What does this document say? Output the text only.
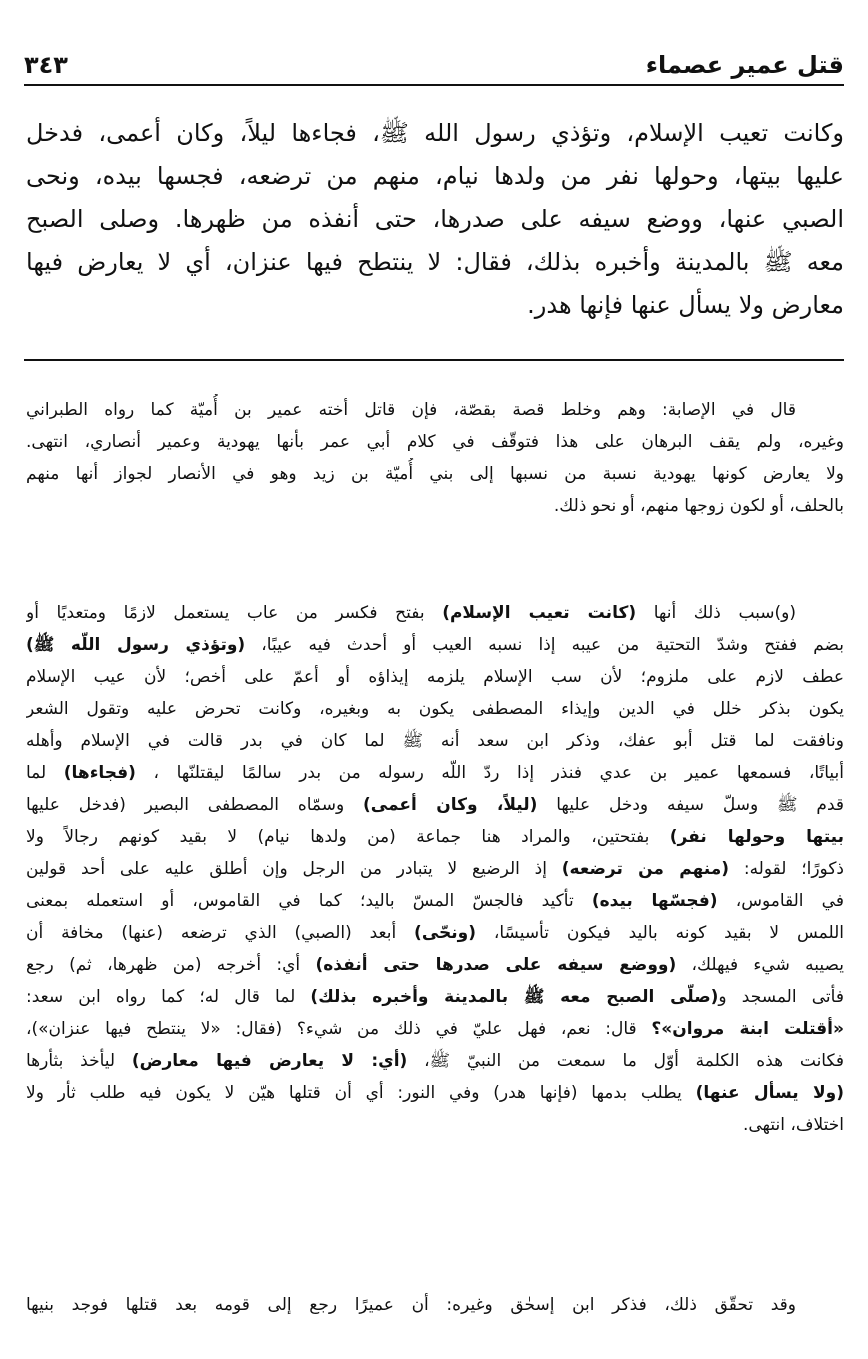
قتل عمير عصماء
٣٤٣
وكانت تعيب الإسلام، وتؤذي رسول الله ﷺ، فجاءها ليلاً، وكان أعمى، فدخل
عليها بيتها، وحولها نفر من ولدها نيام، منهم من ترضعه، فجسها بيده، ونحى
الصبي عنها، ووضع سيفه على صدرها، حتى أنفذه من ظهرها. وصلى الصبح
معه ﷺ بالمدينة وأخبره بذلك، فقال: لا ينتطح فيها عنزان، أي لا يعارض فيها
معارض ولا يسأل عنها فإنها هدر.
قال في الإصابة: وهم وخلط قصة بقصّة، فإن قاتل أخته عمير بن أُميّة كما رواه الطبراني
وغيره، ولم يقف البرهان على هذا فتوقّف في كلام أبي عمر بأنها يهودية وعمير أنصاري، انتهى.
ولا يعارض كونها يهودية نسبة من نسبها إلى بني أُميّة بن زيد وهو في الأنصار لجواز أنها منهم
بالحلف، أو لكون زوجها منهم، أو نحو ذلك.
(و)سبب ذلك أنها (كانت تعيب الإسلام) بفتح فكسر من عاب يستعمل لازمًا ومتعديًا أو
بضم ففتح وشدّ التحتية من عيبه إذا نسبه العيب أو أحدث فيه عيبًا، (وتؤذي رسول اللّه ﷺ)
عطف لازم على ملزوم؛ لأن سب الإسلام يلزمه إيذاؤه أو أعمّ على أخص؛ لأن عيب الإسلام
يكون بذكر خلل في الدين وإيذاء المصطفى يكون به وبغيره، وكانت تحرض عليه وتقول الشعر
ونافقت لما قتل أبو عفك، وذكر ابن سعد أنه ﷺ لما كان في بدر قالت في الإسلام وأهله
أبياتًا، فسمعها عمير بن عدي فنذر إذا ردّ اللّه رسوله من بدر سالمًا ليقتلنّها ، (فجاءها) لما
قدم ﷺ وسلّ سيفه ودخل عليها (ليلاً، وكان أعمى) وسمّاه المصطفى البصير (فدخل عليها
بيتها وحولها نفر) بفتحتين، والمراد هنا جماعة (من ولدها نيام) لا بقيد كونهم رجالاً ولا
ذكورًا؛ لقوله: (منهم من ترضعه) إذ الرضيع لا يتبادر من الرجل وإن أطلق عليه على أحد قولين
في القاموس، (فجسّها بيده) تأكيد فالجسّ المسّ باليد؛ كما في القاموس، أو استعمله بمعنى
اللمس لا بقيد كونه باليد فيكون تأسيسًا، (ونحّى) أبعد (الصبي) الذي ترضعه (عنها) مخافة أن
يصيبه شيء فيهلك، (ووضع سيفه على صدرها حتى أنفذه) أي: أخرجه (من ظهرها، ثم) رجع
فأتى المسجد و(صلّى الصبح معه ﷺ بالمدينة وأخبره بذلك) لما قال له؛ كما رواه ابن سعد:
«أقتلت ابنة مروان»؟ قال: نعم، فهل عليّ في ذلك من شيء؟ (فقال: «لا ينتطح فيها عنزان»)،
فكانت هذه الكلمة أوّل ما سمعت من النبيّ ﷺ، (أي: لا يعارض فيها معارض) ليأخذ بثأرها
(ولا يسأل عنها) يطلب بدمها (فإنها هدر) وفي النور: أي أن قتلها هيّن لا يكون فيه طلب ثأر ولا
اختلاف، انتهى.
وقد تحقّق ذلك، فذكر ابن إسحٰق وغيره: أن عميرًا رجع إلى قومه بعد قتلها فوجد بنيها
